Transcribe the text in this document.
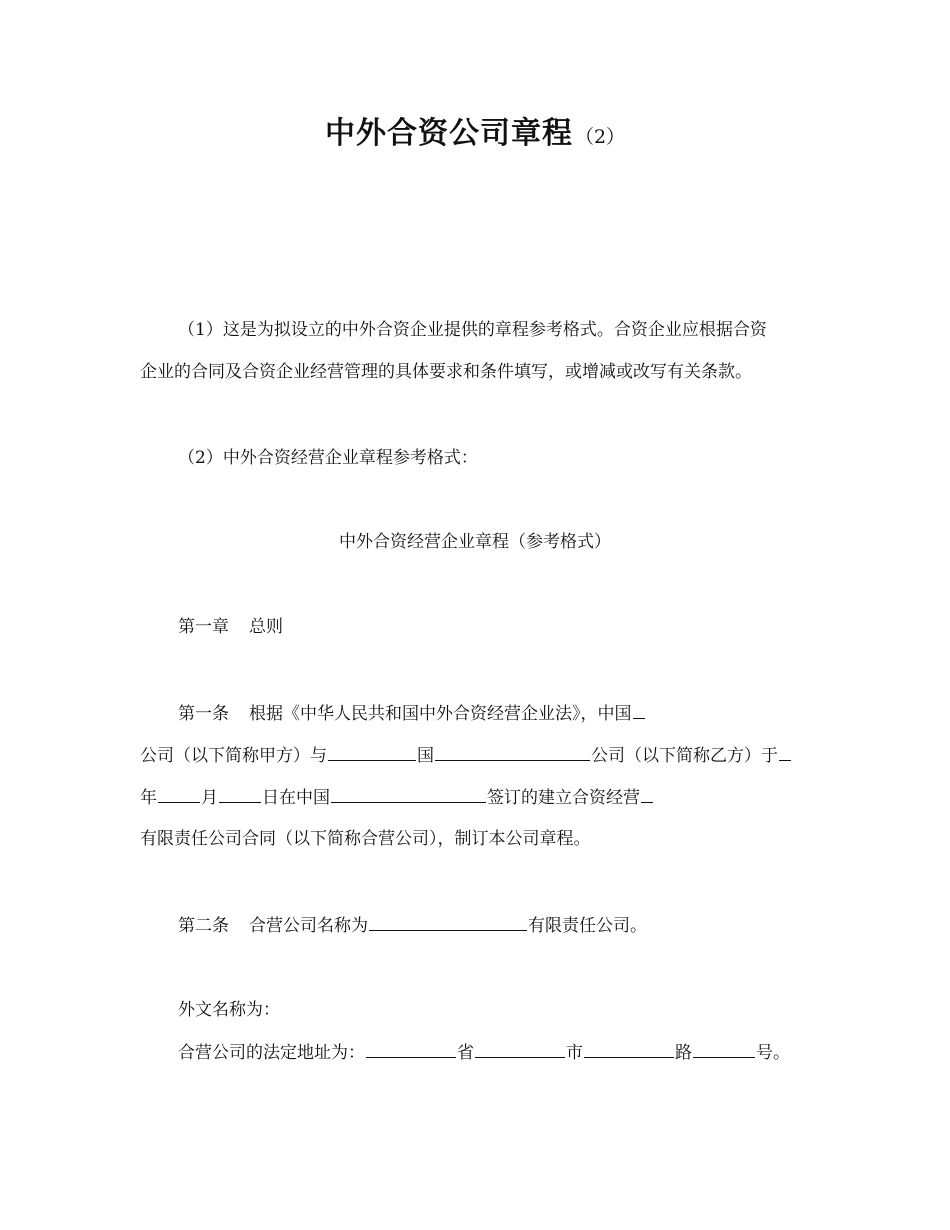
中外合资公司章程 （2）
（1）这是为拟设立的中外合资企业提供的章程参考格式。合资企业应根据合资
企业的合同及合资企业经营管理的具体要求和条件填写，或增减或改写有关条款。
（2）中外合资经营企业章程参考格式：
中外合资经营企业章程（参考格式）
第一章 总则
第一条 根据《中华人民共和国中外合资经营企业法》，中国
公司（以下简称甲方）与	国	公司（以下简称乙方）于
年	月	日在中国	签订的建立合资经营
有限责任公司合同（以下简称合营公司），制订本公司章程。
第二条 合营公司名称为	有限责任公司。
外文名称为：
合营公司的法定地址为：	省	市	路	号。
